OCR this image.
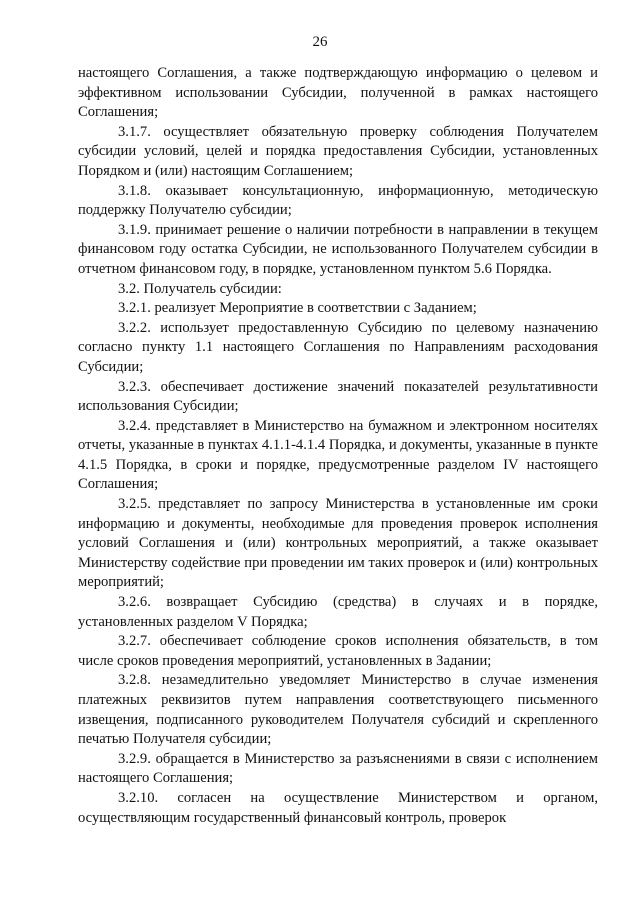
26

настоящего Соглашения, а также подтверждающую информацию о целевом и эффективном использовании Субсидии, полученной в рамках настоящего Соглашения;

3.1.7. осуществляет обязательную проверку соблюдения Получателем субсидии условий, целей и порядка предоставления Субсидии, установленных Порядком и (или) настоящим Соглашением;

3.1.8. оказывает консультационную, информационную, методическую поддержку Получателю субсидии;

3.1.9. принимает решение о наличии потребности в направлении в текущем финансовом году остатка Субсидии, не использованного Получателем субсидии в отчетном финансовом году, в порядке, установленном пунктом 5.6 Порядка.

3.2. Получатель субсидии:

3.2.1. реализует Мероприятие в соответствии с Заданием;

3.2.2. использует предоставленную Субсидию по целевому назначению согласно пункту 1.1 настоящего Соглашения по Направлениям расходования Субсидии;

3.2.3. обеспечивает достижение значений показателей результативности использования Субсидии;

3.2.4. представляет в Министерство на бумажном и электронном носителях отчеты, указанные в пунктах 4.1.1-4.1.4 Порядка, и документы, указанные в пункте 4.1.5 Порядка, в сроки и порядке, предусмотренные разделом IV настоящего Соглашения;

3.2.5. представляет по запросу Министерства в установленные им сроки информацию и документы, необходимые для проведения проверок исполнения условий Соглашения и (или) контрольных мероприятий, а также оказывает Министерству содействие при проведении им таких проверок и (или) контрольных мероприятий;

3.2.6. возвращает Субсидию (средства) в случаях и в порядке, установленных разделом V Порядка;

3.2.7. обеспечивает соблюдение сроков исполнения обязательств, в том числе сроков проведения мероприятий, установленных в Задании;

3.2.8. незамедлительно уведомляет Министерство в случае изменения платежных реквизитов путем направления соответствующего письменного извещения, подписанного руководителем Получателя субсидий и скрепленного печатью Получателя субсидии;

3.2.9. обращается в Министерство за разъяснениями в связи с исполнением настоящего Соглашения;

3.2.10. согласен на осуществление Министерством и органом, осуществляющим государственный финансовый контроль, проверок
